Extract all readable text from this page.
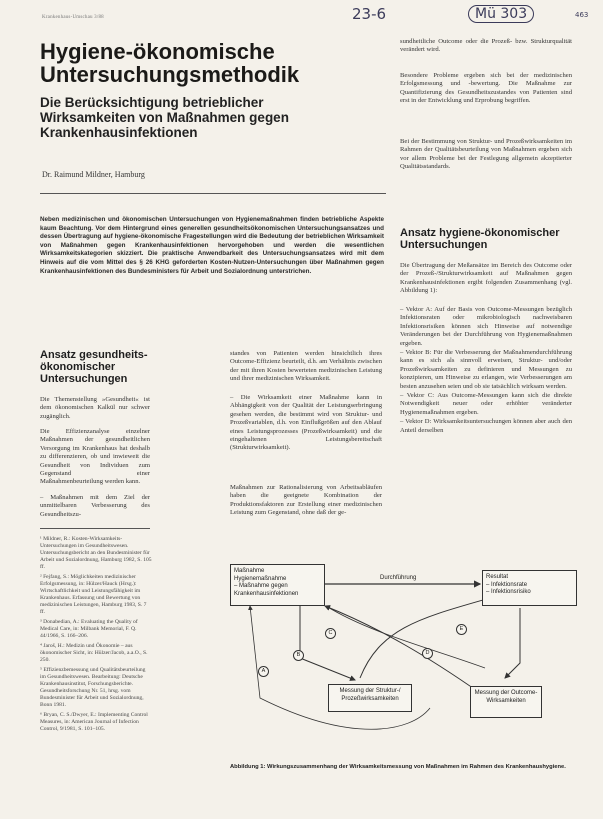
Krankenhaus-Umschau 3/88	23-6	Mü 303	463
Hygiene-ökonomische Untersuchungsmethodik
Die Berücksichtigung betrieblicher Wirksamkeiten von Maßnahmen gegen Krankenhausinfektionen
Dr. Raimund Mildner, Hamburg
Neben medizinischen und ökonomischen Untersuchungen von Hygienemaßnahmen finden betriebliche Aspekte kaum Beachtung. Vor dem Hintergrund eines generellen gesundheitsökonomischen Untersuchungsansatzes und dessen Übertragung auf hygiene-ökonomische Fragestellungen wird die Bedeutung der betrieblichen Wirksamkeit von Maßnahmen gegen Krankenhausinfektionen hervorgehoben und werden die wesentlichen Wirksamkeitskategorien skizziert. Die praktische Anwendbarkeit des Untersuchungsansatzes wird mit dem Hinweis auf die vom Mittel des § 26 KHG geforderten Kosten-Nutzen-Untersuchungen über Maßnahmen gegen Krankenhausinfektionen des Bundesministers für Arbeit und Sozialordnung unterstrichen.
Ansatz gesundheits-ökonomischer Untersuchungen
Die Themenstellung »Gesundheit« ist dem ökonomischen Kalkül nur schwer zugänglich.
Die Effizienzanalyse einzelner Maßnahmen der gesundheitlichen Versorgung im Krankenhaus hat deshalb zu differenzieren, ob und inwieweit die Gesundheit von Individuen zum Gegenstand einer Maßnahmenbeurteilung werden kann.
– Maßnahmen mit dem Ziel der unmittelbaren Verbesserung des Gesundheitszu-
¹ Mildner, R.: Kosten-Wirksamkeits-Untersuchungen im Gesundheitswesen. Untersuchungsbericht an den Bundesminister für Arbeit und Sozialordnung, Hamburg 1982, S. 105 ff.
² Fejfang, S.: Möglichkeiten medizinischer Erfolgsmessung, in: Hülzer/Hauck (Hrsg.): Wirtschaftlichkeit und Leistungsfähigkeit im Krankenhaus. Erfassung und Bewertung von medizinischen Leistungen, Hamburg 1983, S. 7 ff.
³ Donabedian, A.: Evaluating the Quality of Medical Care, in: Milbank Memorial, F. Q. 44/1966, S. 166–206.
⁴ Jaroš, H.: Medizin und Ökonomie – aus ökonomischer Sicht, in: Hülzer/Jacob, a.a.O., S. 250.
⁵ Effizienzbemessung und Qualitätsbeurteilung im Gesundheitswesen. Bearbeitung: Deutsche Krankenhausinstitut, Forschungsberichte. Gesundheitsforschung Nr. 51, hrsg. vom Bundesminister für Arbeit und Sozialordnung, Bonn 1981.
⁶ Bryan, C. S./Dwyer, E.: Implementing Control Measures, in: American Journal of Infection Control, 9/1981, S. 101–105.
standes von Patienten werden hinsichtlich ihres Outcome-Effizienz beurteilt, d.h. am Verhältnis zwischen der mit ihren Kosten bewerteten medizinischen Leistung und ihrer medizinischen Wirksamkeit.
– Die Wirksamkeit einer Maßnahme kann in Abhängigkeit von der Qualität der Leistungserbringung gesehen werden, die bestimmt wird von Struktur- und Prozeßvariablen, d.h. von Einflußgrößen auf den Ablauf eines Leistungsprozesses (Prozeßwirksamkeit) und die eingehaltenen Leistungsbereitschaft (Strukturwirksamkeit).
Maßnahmen zur Rationalisierung von Arbeitsabläufen haben die geeignete Kombination der Produktionsfaktoren zur Erstellung einer medizinischen Leistung zum Gegenstand, ohne daß der ge-
sundheitliche Outcome oder die Prozeß- bzw. Strukturqualität verändert wird.
Besondere Probleme ergeben sich bei der medizinischen Erfolgsmessung und -bewertung. Die Maßnahme zur Quantifizierung des Gesundheitszustandes von Patienten sind erst in der Entwicklung und Erprobung begriffen.
Bei der Bestimmung von Struktur- und Prozeßwirksamkeiten im Rahmen der Qualitätsbeurteilung von Maßnahmen ergeben sich vor allem Probleme bei der Festlegung allgemein akzeptierter Qualitätsstandards.
Ansatz hygiene-ökonomischer Untersuchungen
Die Übertragung der Meßansätze im Bereich des Outcome oder der Prozeß-/Strukturwirksamkeit auf Maßnahmen gegen Krankenhausinfektionen ergibt folgenden Zusammenhang (vgl. Abbildung 1):
– Vektor A: Auf der Basis von Outcome-Messungen bezüglich Infektionsraten oder mikrobiologisch nachweisbaren Infektionsrisiken können sich Hinweise auf notwendige Veränderungen bei der Durchführung von Hygienemaßnahmen ergeben.
– Vektor B: Für die Verbesserung der Maßnahmendurchführung kann es sich als sinnvoll erweisen, Struktur- und/oder Prozeßwirksamkeiten zu definieren und Messungen zu konzipieren, um Hinweise zu erlangen, wie Verbesserungen am besten anzusehen seien und ob sie tatsächlich wirksam werden.
– Vektor C: Aus Outcome-Messungen kann sich die direkte Notwendigkeit neuer oder erhöhter veränderter Hygienemaßnahmen ergeben.
– Vektor D: Wirksamkeitsuntersuchungen können aber auch den Anteil derselben
Maßnahme
Hygienemaßnahme
– Maßnahme gegen Krankenhausinfektionen
Resultat
– Infektionsrate
– Infektionsrisiko
Durchführung
Messung der Struktur-/ Prozeßwirksamkeiten
Messung der Outcome-Wirksamkeiten
A
B
C
D
E
Abbildung 1: Wirkungszusammenhang der Wirksamkeitsmessung von Maßnahmen im Rahmen des Krankenhaushygiene.
